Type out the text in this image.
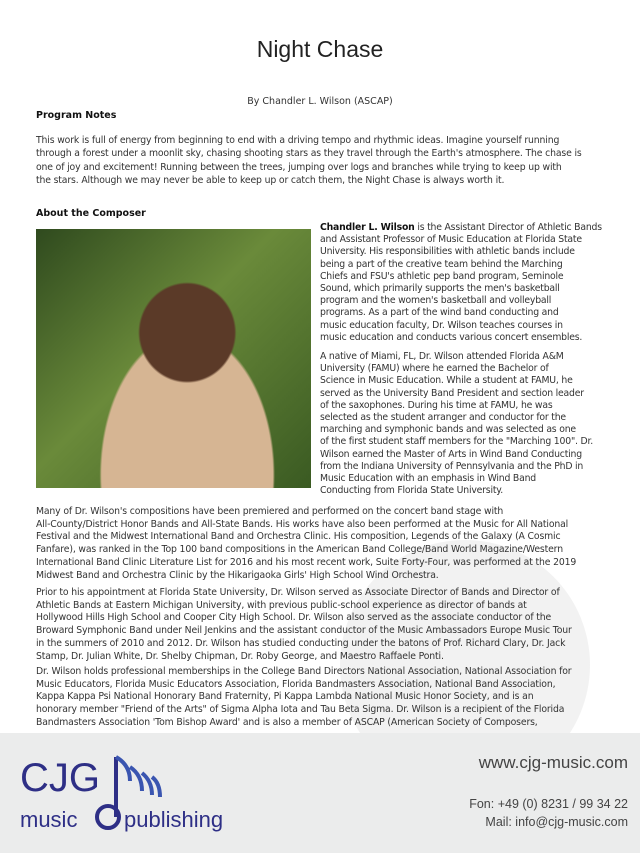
Night Chase
By Chandler L. Wilson (ASCAP)
Program Notes
This work is full of energy from beginning to end with a driving tempo and rhythmic ideas. Imagine yourself running
through a forest under a moonlit sky, chasing shooting stars as they travel through the Earth's atmosphere. The chase is
one of joy and excitement! Running between the trees, jumping over logs and branches while trying to keep up with
the stars. Although we may never be able to keep up or catch them, the Night Chase is always worth it.
About the Composer
Chandler L. Wilson is the Assistant Director of Athletic Bands
and Assistant Professor of Music Education at Florida State
University. His responsibilities with athletic bands include
being a part of the creative team behind the Marching
Chiefs and FSU's athletic pep band program, Seminole
Sound, which primarily supports the men's basketball
program and the women's basketball and volleyball
programs. As a part of the wind band conducting and
music education faculty, Dr. Wilson teaches courses in
music education and conducts various concert ensembles.
A native of Miami, FL, Dr. Wilson attended Florida A&M
University (FAMU) where he earned the Bachelor of
Science in Music Education. While a student at FAMU, he
served as the University Band President and section leader
of the saxophones. During his time at FAMU, he was
selected as the student arranger and conductor for the
marching and symphonic bands and was selected as one
of the first student staff members for the "Marching 100". Dr.
Wilson earned the Master of Arts in Wind Band Conducting
from the Indiana University of Pennsylvania and the PhD in
Music Education with an emphasis in Wind Band
Conducting from Florida State University.
Many of Dr. Wilson's compositions have been premiered and performed on the concert band stage with
All-County/District Honor Bands and All-State Bands. His works have also been performed at the Music for All National
Festival and the Midwest International Band and Orchestra Clinic. His composition, Legends of the Galaxy (A Cosmic
Fanfare), was ranked in the Top 100 band compositions in the American Band College/Band World Magazine/Western
International Band Clinic Literature List for 2016 and his most recent work, Suite Forty-Four, was performed at the 2019
Midwest Band and Orchestra Clinic by the Hikarigaoka Girls' High School Wind Orchestra.
Prior to his appointment at Florida State University, Dr. Wilson served as Associate Director of Bands and Director of
Athletic Bands at Eastern Michigan University, with previous public-school experience as director of bands at
Hollywood Hills High School and Cooper City High School. Dr. Wilson also served as the associate conductor of the
Broward Symphonic Band under Neil Jenkins and the assistant conductor of the Music Ambassadors Europe Music Tour
in the summers of 2010 and 2012. Dr. Wilson has studied conducting under the batons of Prof. Richard Clary, Dr. Jack
Stamp, Dr. Julian White, Dr. Shelby Chipman, Dr. Roby George, and Maestro Raffaele Ponti.
Dr. Wilson holds professional memberships in the College Band Directors National Association, National Association for
Music Educators, Florida Music Educators Association, Florida Bandmasters Association, National Band Association,
Kappa Kappa Psi National Honorary Band Fraternity, Pi Kappa Lambda National Music Honor Society, and is an
honorary member "Friend of the Arts" of Sigma Alpha Iota and Tau Beta Sigma. Dr. Wilson is a recipient of the Florida
Bandmasters Association 'Tom Bishop Award' and is also a member of ASCAP (American Society of Composers,
CJG
music publishing
www.cjg-music.com
Fon: +49 (0) 8231 / 99 34 22
Mail: info@cjg-music.com
